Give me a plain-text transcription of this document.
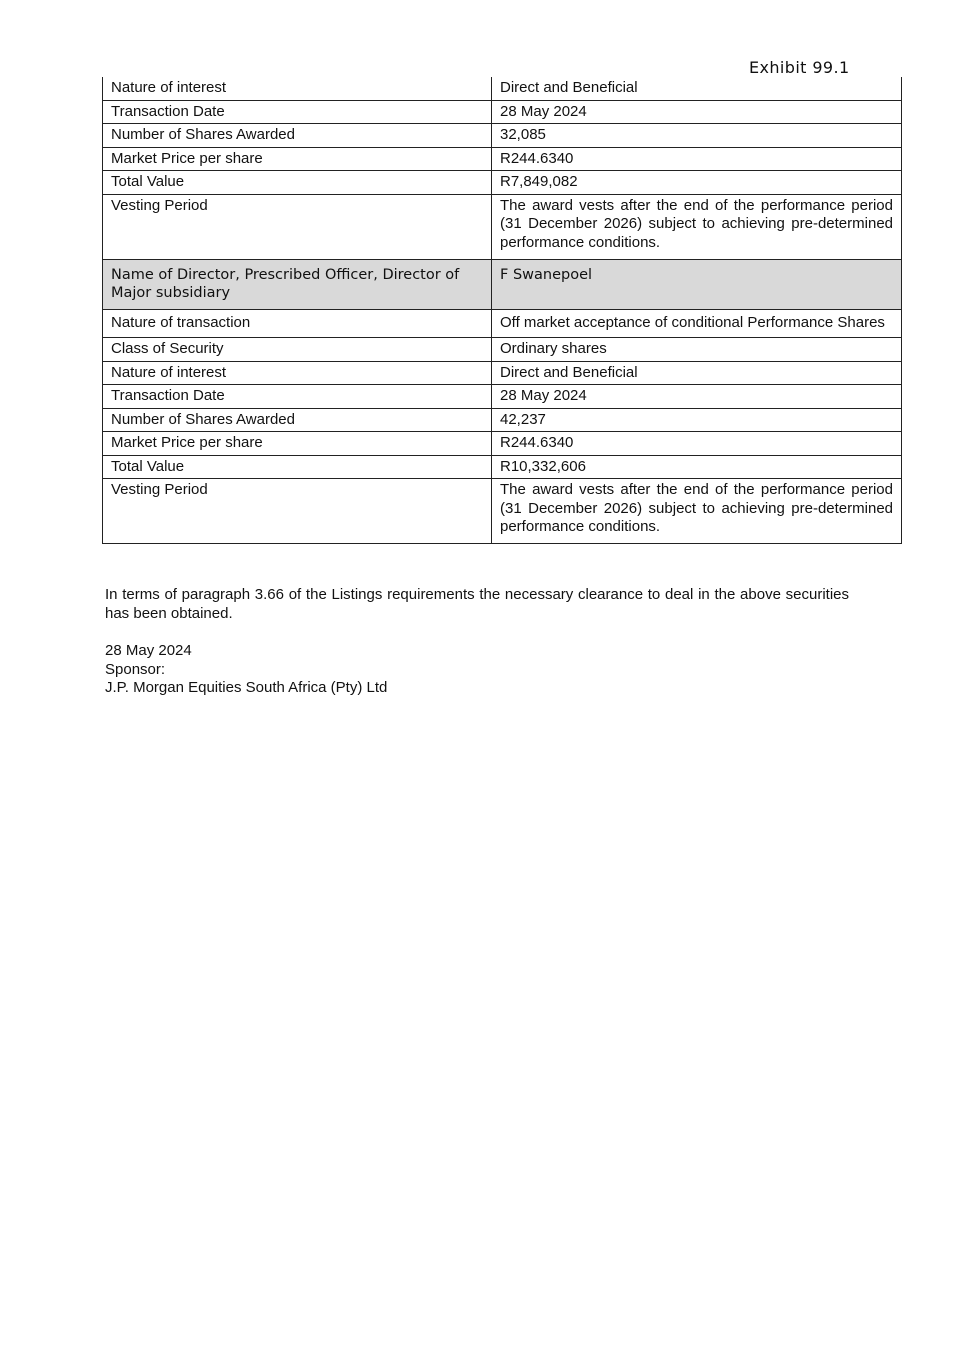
Exhibit 99.1
Nature of interest	Direct and Beneficial
Transaction Date	28 May 2024
Number of Shares Awarded	32,085
Market Price per share	R244.6340
Total Value	R7,849,082
Vesting Period	The award vests after the end of the performance period (31 December 2026) subject to achieving pre-determined performance conditions.
Name of Director, Prescribed Officer, Director of Major subsidiary	F Swanepoel
Nature of transaction	Off market acceptance of conditional Performance Shares
Class of Security	Ordinary shares
Nature of interest	Direct and Beneficial
Transaction Date	28 May 2024
Number of Shares Awarded	42,237
Market Price per share	R244.6340
Total Value	R10,332,606
Vesting Period	The award vests after the end of the performance period (31 December 2026) subject to achieving pre-determined performance conditions.
In terms of paragraph 3.66 of the Listings requirements the necessary clearance to deal in the above securities has been obtained.
28 May 2024
Sponsor:
J.P. Morgan Equities South Africa (Pty) Ltd
